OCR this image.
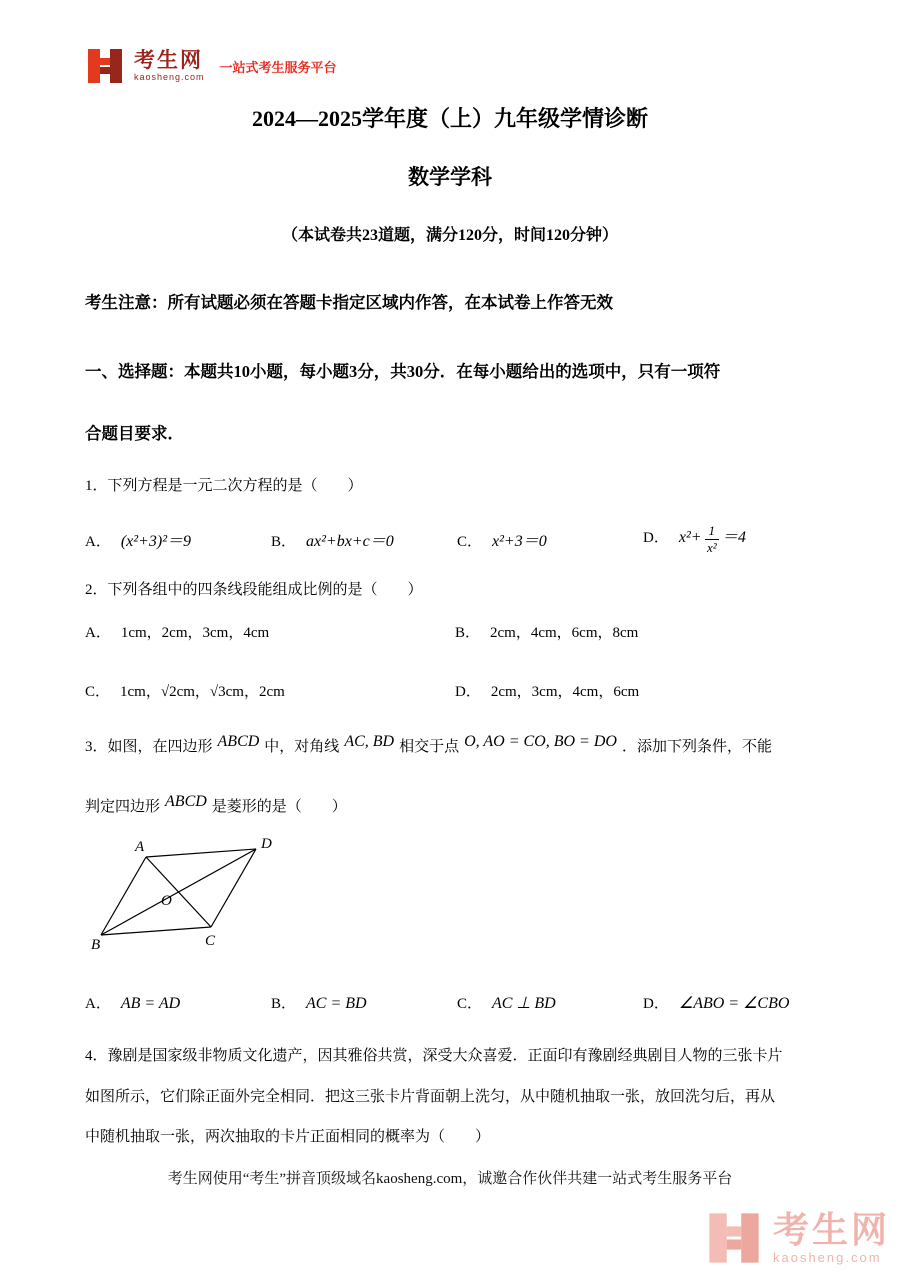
考生网
kaosheng.com
一站式考生服务平台
2024—2025学年度（上）九年级学情诊断
数学学科
（本试卷共23道题，满分120分，时间120分钟）
考生注意：所有试题必须在答题卡指定区域内作答，在本试卷上作答无效
一、选择题：本题共10小题，每小题3分，共30分．在每小题给出的选项中，只有一项符
合题目要求．
1．下列方程是一元二次方程的是（　　）
A． (x²+3)²＝9	B． ax²+bx+c＝0	C． x²+3＝0	D． $x^2+ \frac{1}{\text{x²}} =4$
2．下列各组中的四条线段能组成比例的是（　　）
A． 1cm，2cm，3cm，4cm	B． 2cm，4cm，6cm，8cm
C． 1cm，√2cm，√3cm，2cm	D． 2cm，3cm，4cm，6cm
3．如图，在四边形 ABCD 中，对角线 AC, BD 相交于点 O, AO = CO, BO = DO ．添加下列条件，不能
判定四边形 ABCD 是菱形的是（　　）
A	D
B	C
O
A． AB = AD	B． AC = BD	C． AC ⊥ BD	D． ∠ABO = ∠CBO
4．豫剧是国家级非物质文化遗产，因其雅俗共赏，深受大众喜爱．正面印有豫剧经典剧目人物的三张卡片
如图所示，它们除正面外完全相同．把这三张卡片背面朝上洗匀，从中随机抽取一张，放回洗匀后，再从
中随机抽取一张，两次抽取的卡片正面相同的概率为（　　）
考生网使用“考生”拼音顶级域名kaosheng.com，诚邀合作伙伴共建一站式考生服务平台
考生网
kaosheng.com
